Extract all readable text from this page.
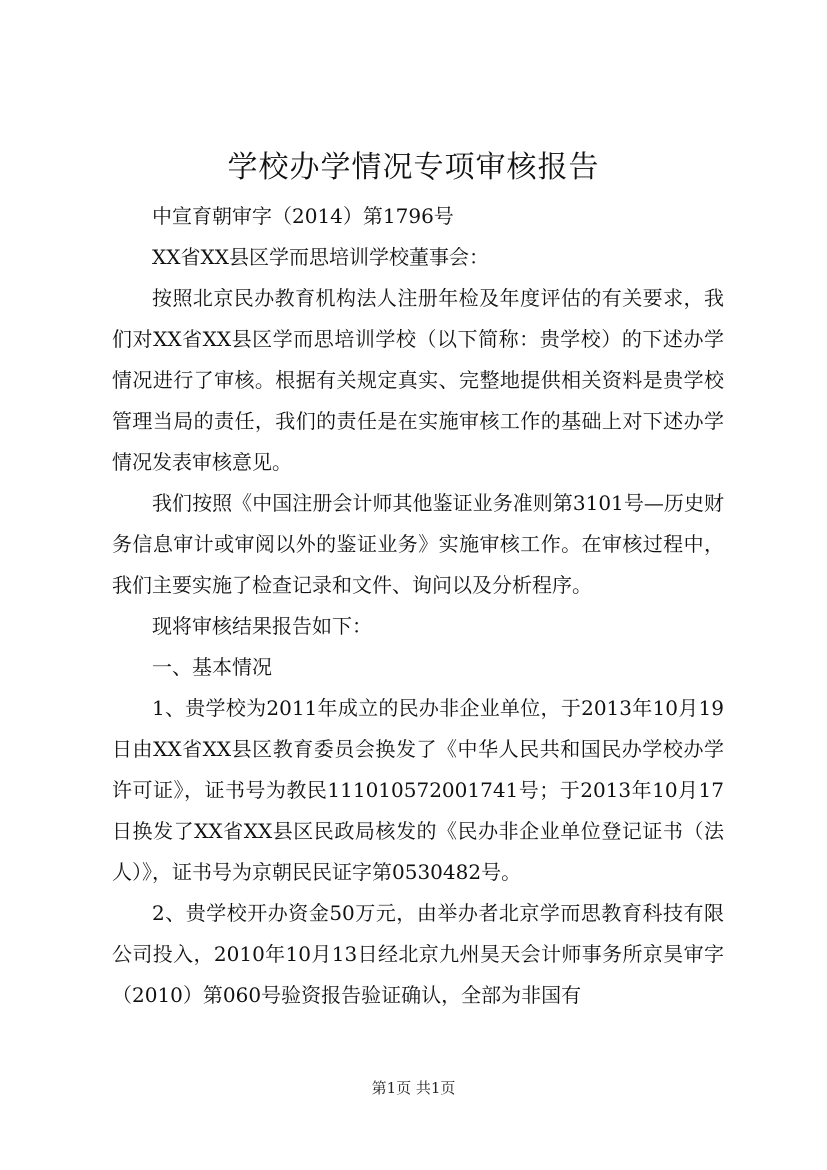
学校办学情况专项审核报告

中宣育朝审字（2014）第1796号

XX省XX县区学而思培训学校董事会：

按照北京民办教育机构法人注册年检及年度评估的有关要求，我们对XX省XX县区学而思培训学校（以下简称：贵学校）的下述办学情况进行了审核。根据有关规定真实、完整地提供相关资料是贵学校管理当局的责任，我们的责任是在实施审核工作的基础上对下述办学情况发表审核意见。

我们按照《中国注册会计师其他鉴证业务准则第3101号—历史财务信息审计或审阅以外的鉴证业务》实施审核工作。在审核过程中，我们主要实施了检查记录和文件、询问以及分析程序。

现将审核结果报告如下：

一、基本情况

1、贵学校为2011年成立的民办非企业单位，于2013年10月19日由XX省XX县区教育委员会换发了《中华人民共和国民办学校办学许可证》，证书号为教民111010572001741号；于2013年10月17日换发了XX省XX县区民政局核发的《民办非企业单位登记证书（法人）》，证书号为京朝民民证字第0530482号。

2、贵学校开办资金50万元，由举办者北京学而思教育科技有限公司投入，2010年10月13日经北京九州昊天会计师事务所京昊审字（2010）第060号验资报告验证确认，全部为非国有

第1页 共1页
